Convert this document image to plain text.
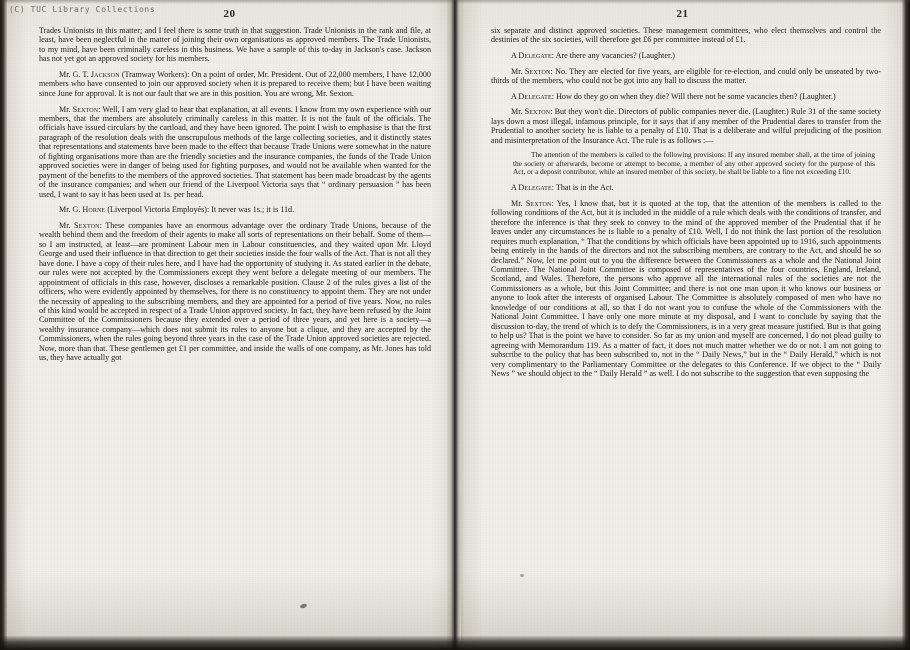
20

Trades Unionists in this matter; and I feel there is some truth in that suggestion. Trade Unionists in the rank and file, at least, have been neglectful in the matter of joining their own organisations as approved members. The Trade Unionists, to my mind, have been criminally careless in this business. We have a sample of this to-day in Jackson's case. Jackson has not yet got an approved society for his members.

Mr. G. T. Jackson (Tramway Workers): On a point of order, Mr. President. Out of 22,000 members, I have 12,000 members who have consented to join our approved society when it is prepared to receive them; but I have been waiting since June for approval. It is not our fault that we are in this position. You are wrong, Mr. Sexton.

Mr. Sexton: Well, I am very glad to hear that explanation, at all events. I know from my own experience with our members, that the members are absolutely criminally careless in this matter. It is not the fault of the officials. The officials have issued circulars by the cartload, and they have been ignored. The point I wish to emphasise is that the first paragraph of the resolution deals with the unscrupulous methods of the large collecting societies, and it distinctly states that representations and statements have been made to the effect that because Trade Unions were somewhat in the nature of fighting organisations more than are the friendly societies and the insurance companies, the funds of the Trade Union approved societies were in danger of being used for fighting purposes, and would not be available when wanted for the payment of the benefits to the members of the approved societies. That statement has been made broadcast by the agents of the insurance companies; and when our friend of the Liverpool Victoria says that “ ordinary persuasion ” has been used, I want to say it has been used at 1s. per head.

Mr. G. Horne (Liverpool Victoria Employés): It never was 1s.; it is 11d.

Mr. Sexton: These companies have an enormous advantage over the ordinary Trade Unions, because of the wealth behind them and the freedom of their agents to make all sorts of representations on their behalf. Some of them—so I am instructed, at least—are prominent Labour men in Labour constituencies, and they waited upon Mr. Lloyd George and used their influence in that direction to get their societies inside the four walls of the Act. That is not all they have done. I have a copy of their rules here, and I have had the opportunity of studying it. As stated earlier in the debate, our rules were not accepted by the Commissioners except they went before a delegate meeting of our members. The appointment of officials in this case, however, discloses a remarkable position. Clause 2 of the rules gives a list of the officers, who were evidently appointed by themselves, for there is no constituency to appoint them. They are not under the necessity of appealing to the subscribing members, and they are appointed for a period of five years. Now, no rules of this kind would be accepted in respect of a Trade Union approved society. In fact, they have been refused by the Joint Committee of the Commissioners because they extended over a period of three years, and yet here is a society—a wealthy insurance company—which does not submit its rules to anyone but a clique, and they are accepted by the Commissioners, when the rules going beyond three years in the case of the Trade Union approved societies are rejected. Now, more than that. These gentlemen get £1 per committee, and inside the walls of one company, as Mr. Jones has told us, they have actually got

21

six separate and distinct approved societies. These management committees, who elect themselves and control the destinies of the six societies, will therefore get £6 per committee instead of £1.

A Delegate: Are there any vacancies? (Laughter.)

Mr. Sexton: No. They are elected for five years, are eligible for re-election, and could only be unseated by two-thirds of the members, who could not be got into any hall to discuss the matter.

A Delegate: How do they go on when they die? Will there not be some vacancies then? (Laughter.)

Mr. Sexton: But they won't die. Directors of public companies never die. (Laughter.) Rule 31 of the same society lays down a most illegal, infamous principle, for it says that if any member of the Prudential dares to transfer from the Prudential to another society he is liable to a penalty of £10. That is a deliberate and wilful prejudicing of the position and misinterpretation of the Insurance Act. The rule is as follows :—

The attention of the members is called to the following provisions: If any insured member shall, at the time of joining the society or afterwards, become or attempt to become, a member of any other approved society for the purpose of this Act, or a deposit contributor, while an insured member of this society, he shall be liable to a fine not exceeding £10.

A Delegate: That is in the Act.

Mr. Sexton: Yes, I know that, but it is quoted at the top, that the attention of the members is called to the following conditions of the Act, but it is included in the middle of a rule which deals with the conditions of transfer, and therefore the inference is that they seek to convey to the mind of the approved member of the Prudential that if he leaves under any circumstances he is liable to a penalty of £10. Well, I do not think the last portion of the resolution requires much explanation, “ That the conditions by which officials have been appointed up to 1916, such appointments being entirely in the hands of the directors and not the subscribing members, are contrary to the Act, and should be so declared.” Now, let me point out to you the difference between the Commissioners as a whole and the National Joint Committee. The National Joint Committee is composed of representatives of the four countries, England, Ireland, Scotland, and Wales. Therefore, the persons who approve all the international rules of the societies are not the Commissioners as a whole, but this Joint Committee; and there is not one man upon it who knows our business or anyone to look after the interests of organised Labour. The Committee is absolutely composed of men who have no knowledge of our conditions at all, so that I do not want you to confuse the whole of the Commissioners with the National Joint Committee. I have only one more minute at my disposal, and I want to conclude by saying that the discussion to-day, the trend of which is to defy the Commissioners, is in a very great measure justified. But is that going to help us? That is the point we have to consider. So far as my union and myself are concerned, I do not plead guilty to agreeing with Memorandum 119. As a matter of fact, it does not much matter whether we do or not. I am not going to subscribe to the policy that has been subscribed to, not in the “ Daily News,” but in the “ Daily Herald,” which is not very complimentary to the Parliamentary Committee or the delegates to this Conference. If we object to the “ Daily News ” we should object to the “ Daily Herald ” as well. I do not subscribe to the suggestion that even supposing the

(C) TUC Library Collections
